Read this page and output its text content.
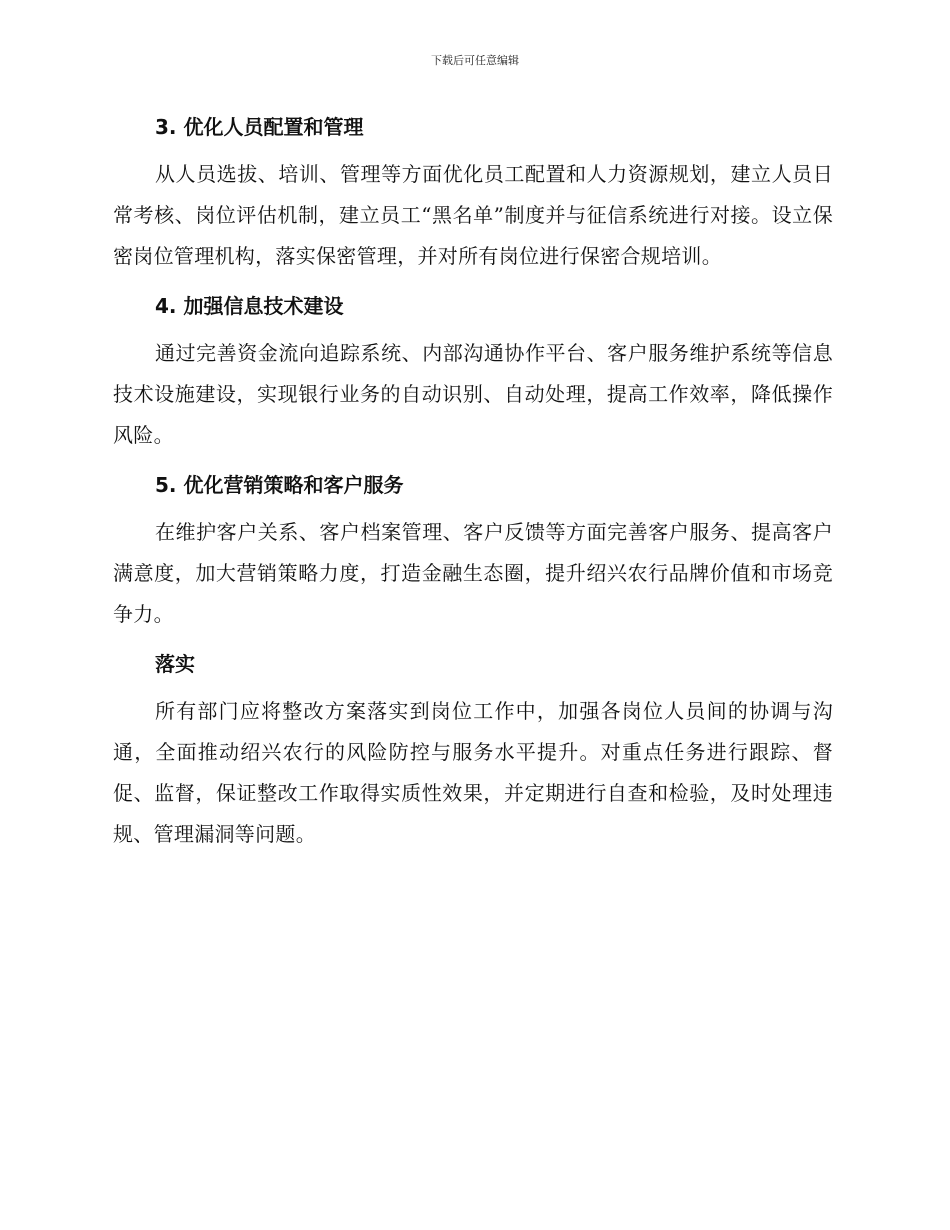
下载后可任意编辑
3. 优化人员配置和管理

从人员选拔、培训、管理等方面优化员工配置和人力资源规划，建立人员日常考核、岗位评估机制，建立员工“黑名单”制度并与征信系统进行对接。设立保密岗位管理机构，落实保密管理，并对所有岗位进行保密合规培训。

4. 加强信息技术建设

通过完善资金流向追踪系统、内部沟通协作平台、客户服务维护系统等信息技术设施建设，实现银行业务的自动识别、自动处理，提高工作效率，降低操作风险。

5. 优化营销策略和客户服务

在维护客户关系、客户档案管理、客户反馈等方面完善客户服务、提高客户满意度，加大营销策略力度，打造金融生态圈，提升绍兴农行品牌价值和市场竞争力。

落实

所有部门应将整改方案落实到岗位工作中，加强各岗位人员间的协调与沟通，全面推动绍兴农行的风险防控与服务水平提升。对重点任务进行跟踪、督促、监督，保证整改工作取得实质性效果，并定期进行自查和检验，及时处理违规、管理漏洞等问题。
